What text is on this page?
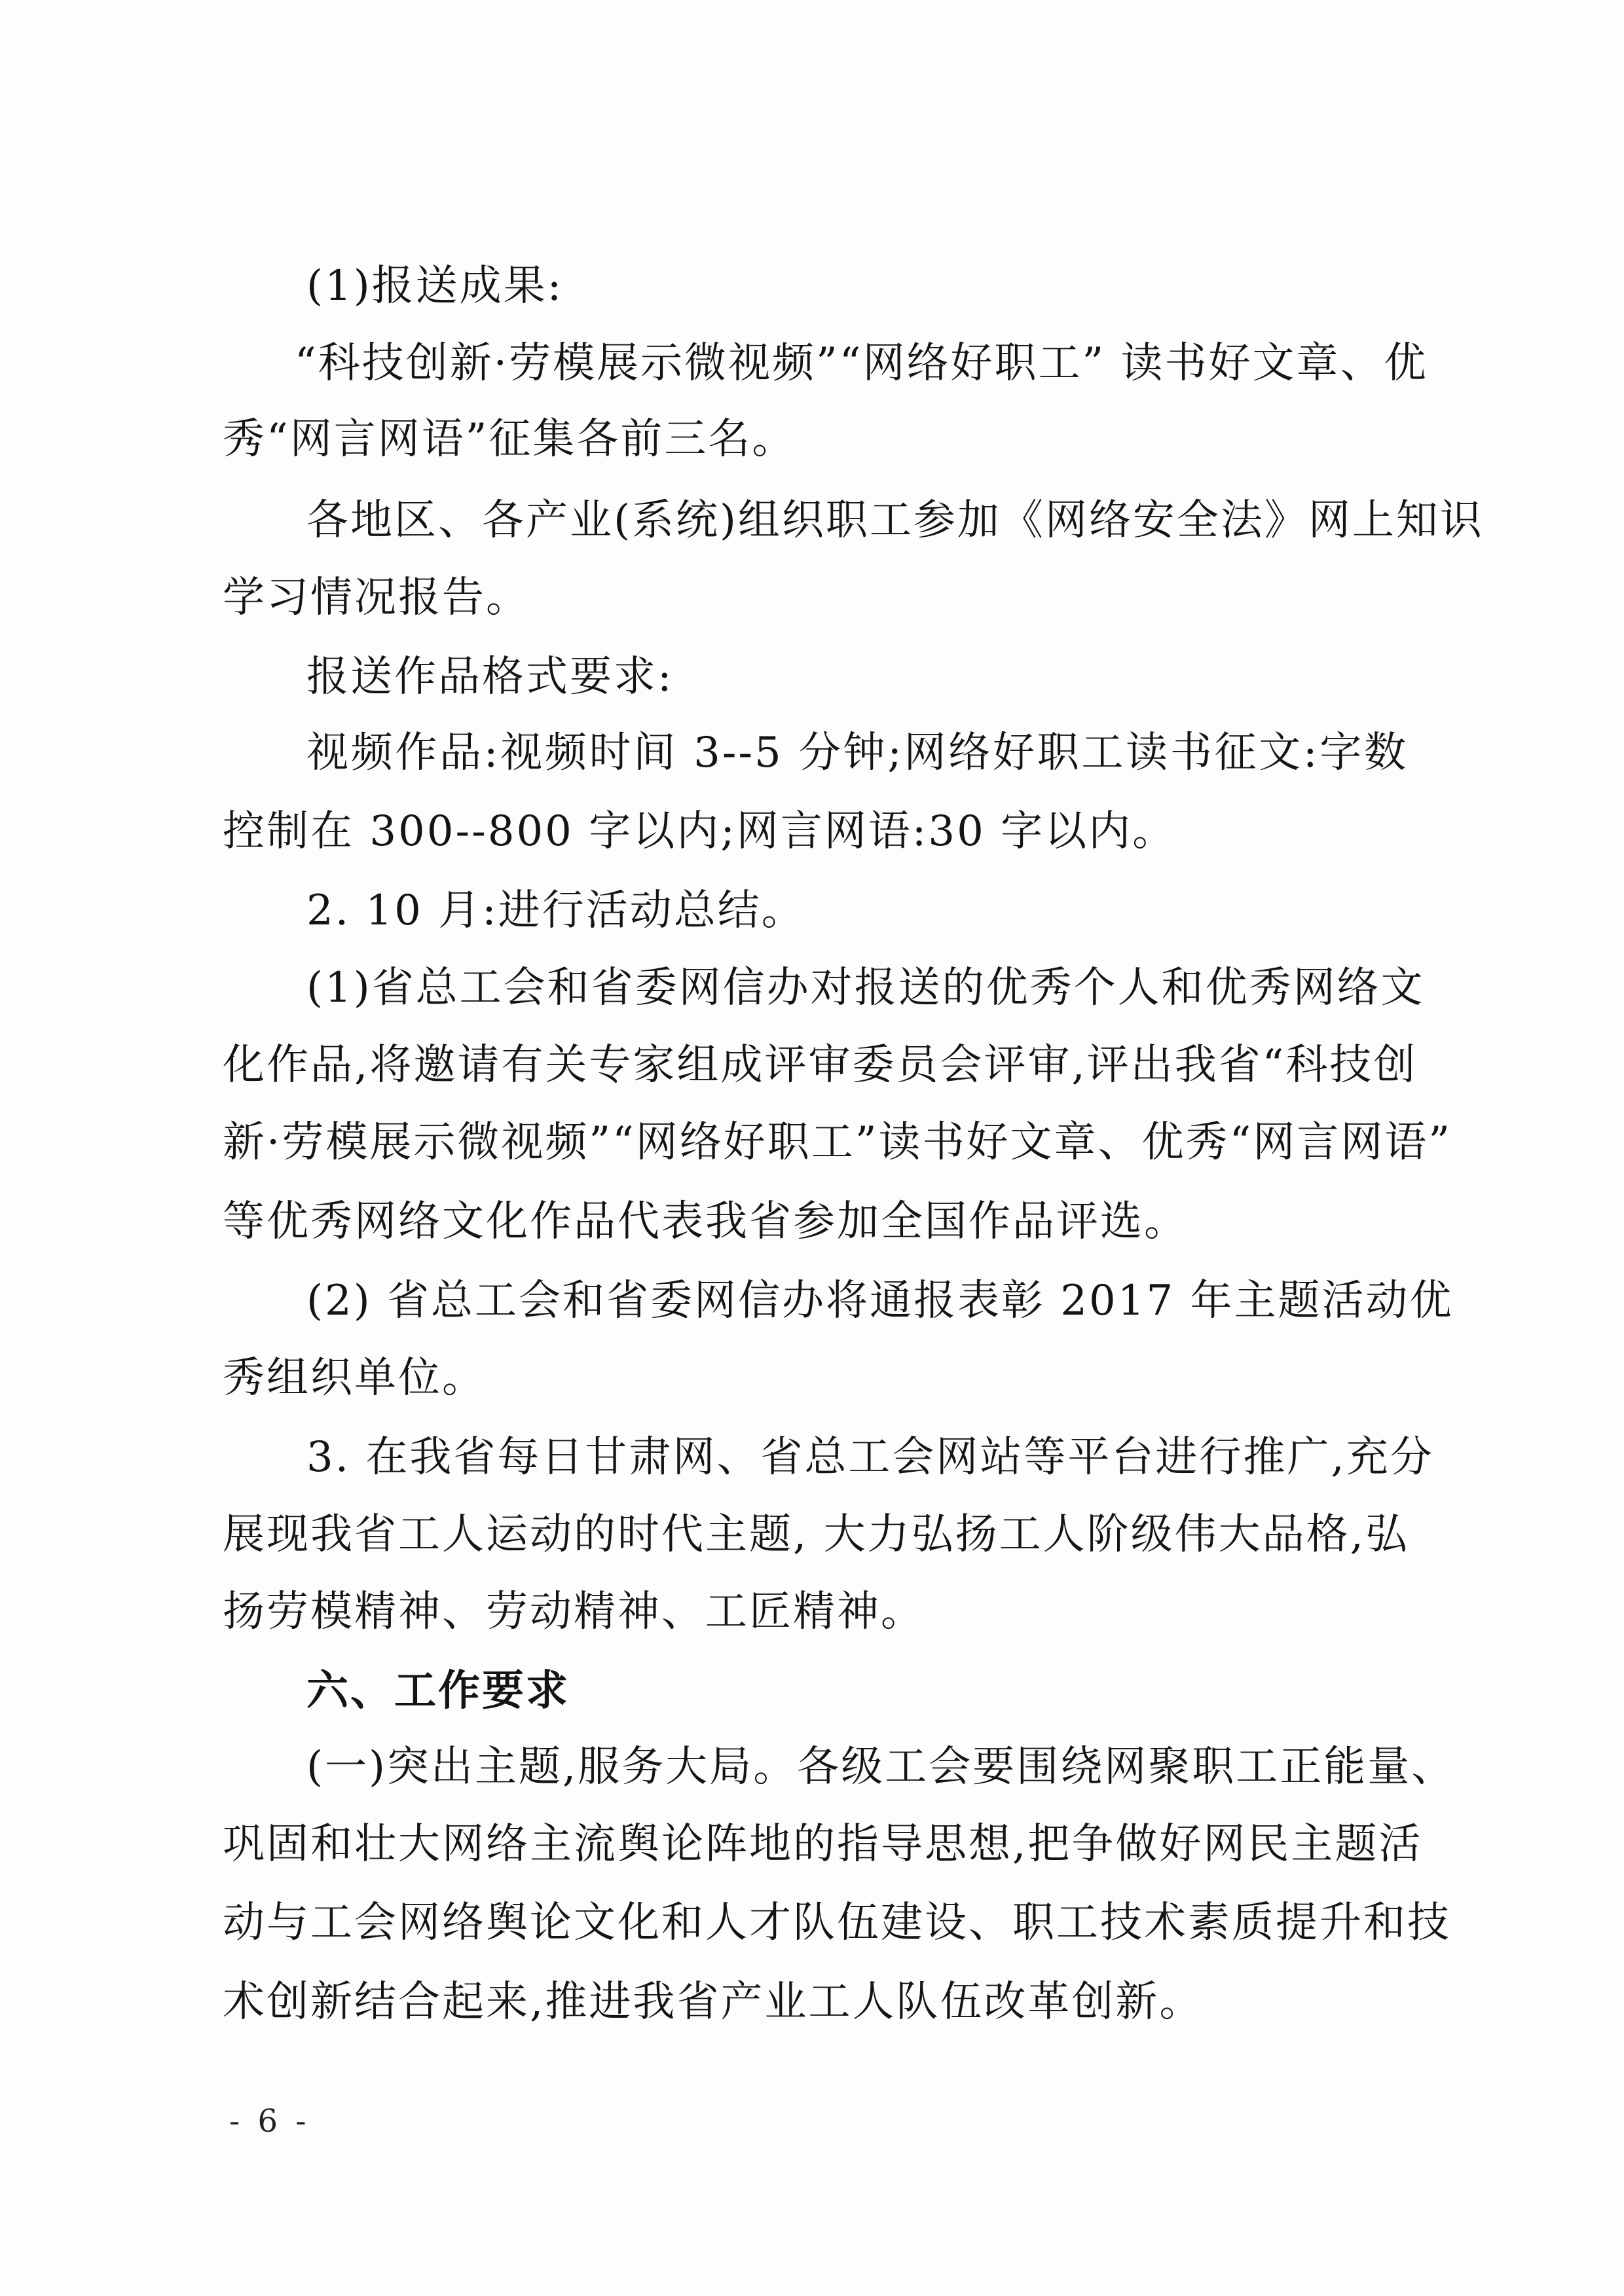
(1)报送成果:
“科技创新·劳模展示微视频”“网络好职工” 读书好文章、优
秀“网言网语”征集各前三名。
各地区、各产业(系统)组织职工参加《网络安全法》网上知识
学习情况报告。
报送作品格式要求:
视频作品:视频时间 3--5 分钟;网络好职工读书征文:字数
控制在 300--800 字以内;网言网语:30 字以内。
2. 10 月:进行活动总结。
(1)省总工会和省委网信办对报送的优秀个人和优秀网络文
化作品,将邀请有关专家组成评审委员会评审,评出我省“科技创
新·劳模展示微视频”“网络好职工”读书好文章、优秀“网言网语”
等优秀网络文化作品代表我省参加全国作品评选。
(2) 省总工会和省委网信办将通报表彰 2017 年主题活动优
秀组织单位。
3. 在我省每日甘肃网、省总工会网站等平台进行推广,充分
展现我省工人运动的时代主题, 大力弘扬工人阶级伟大品格,弘
扬劳模精神、劳动精神、工匠精神。
六、工作要求
(一)突出主题,服务大局。各级工会要围绕网聚职工正能量、
巩固和壮大网络主流舆论阵地的指导思想,把争做好网民主题活
动与工会网络舆论文化和人才队伍建设、职工技术素质提升和技
术创新结合起来,推进我省产业工人队伍改革创新。
- 6 -
